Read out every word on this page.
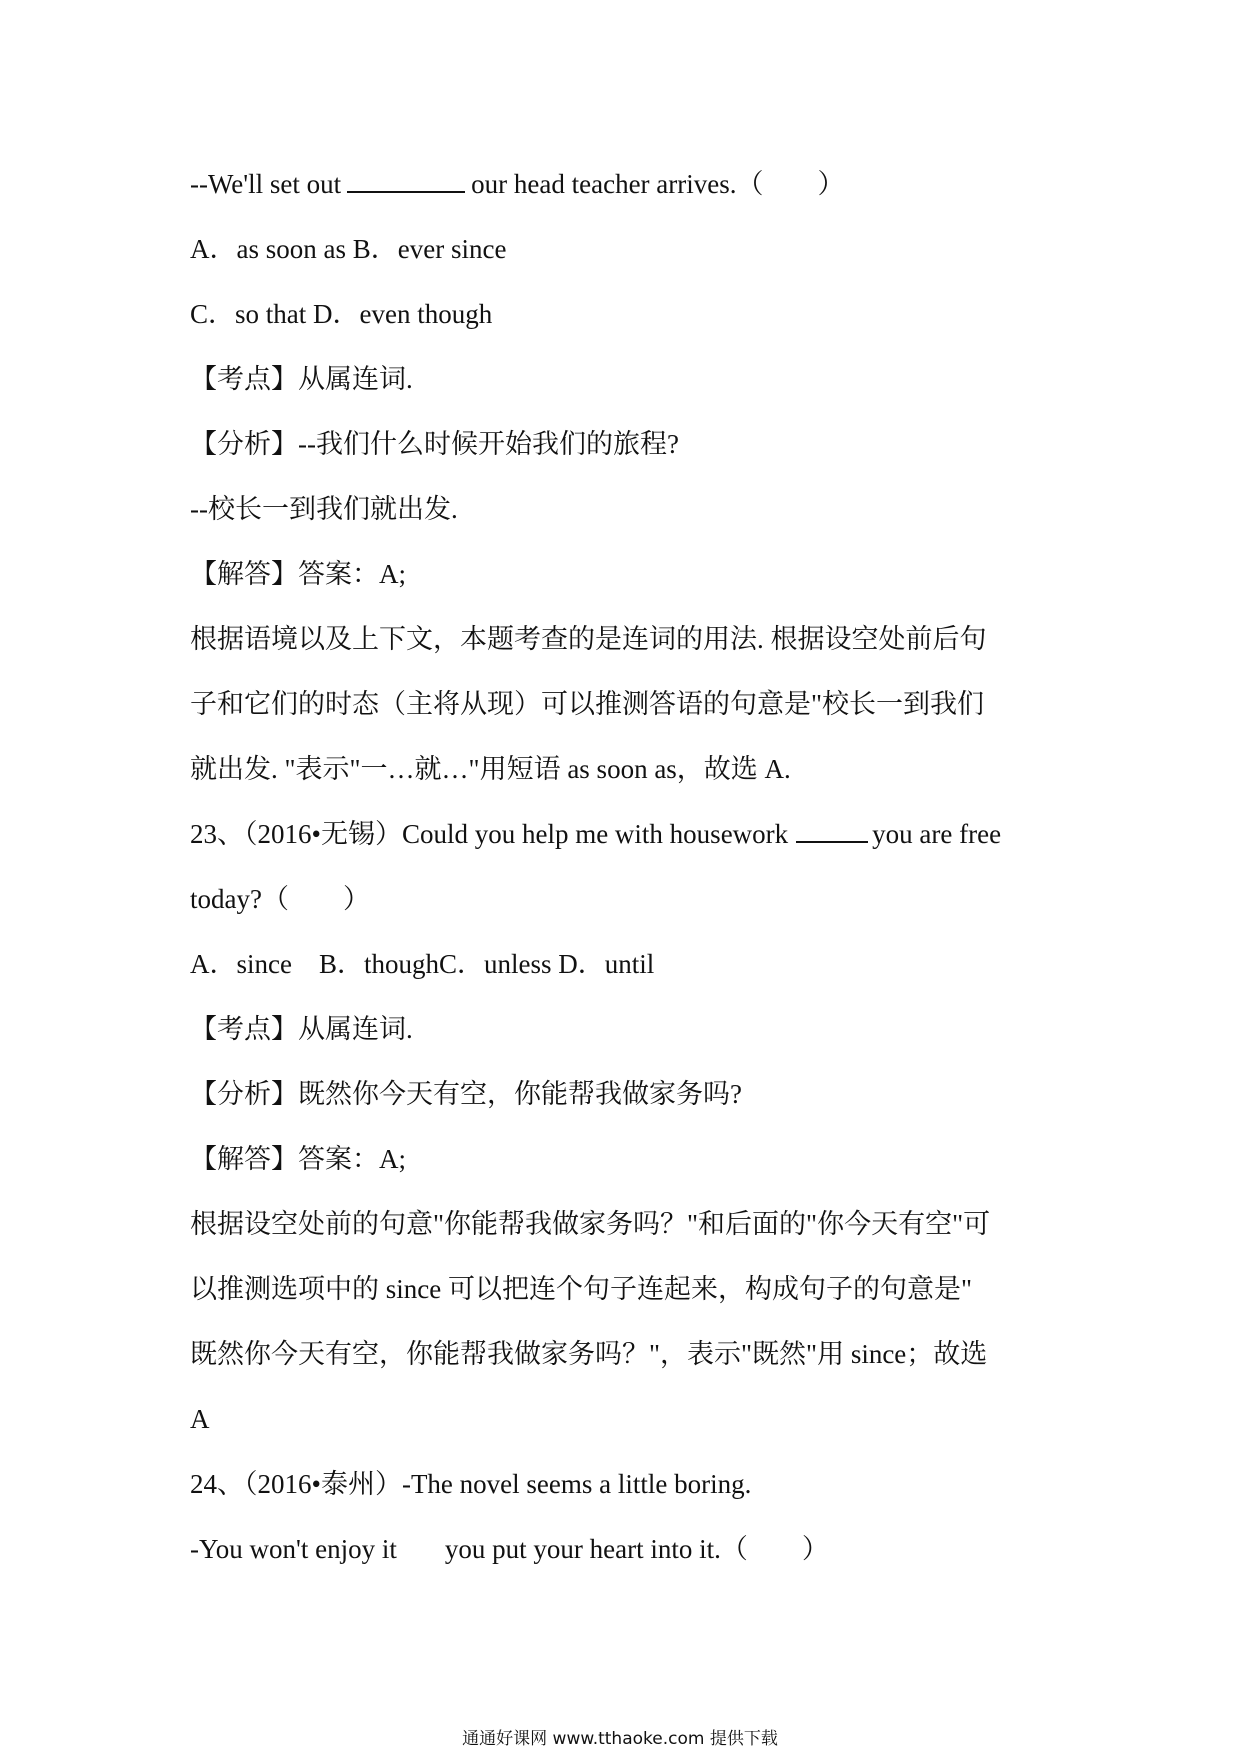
--We'll set out	our head teacher arrives.（　　）
A．as soon as B．ever since
C．so that D．even though
【考点】从属连词.
【分析】--我们什么时候开始我们的旅程?
--校长一到我们就出发.
【解答】答案：A;
根据语境以及上下文，本题考查的是连词的用法. 根据设空处前后句
子和它们的时态（主将从现）可以推测答语的句意是"校长一到我们
就出发. "表示"一…就…"用短语 as soon as，故选 A.
23、（2016•无锡）Could you help me with housework	you are free
today?（　　）
A．since　B．thoughC．unless D．until
【考点】从属连词.
【分析】既然你今天有空，你能帮我做家务吗?
【解答】答案：A;
根据设空处前的句意"你能帮我做家务吗？"和后面的"你今天有空"可
以推测选项中的 since 可以把连个句子连起来，构成句子的句意是"
既然你今天有空，你能帮我做家务吗？"，表示"既然"用 since；故选
A
24、（2016•泰州）-The novel seems a little boring.
-You won't enjoy it you put your heart into it.（　　）
通通好课网 www.tthaoke.com 提供下载
